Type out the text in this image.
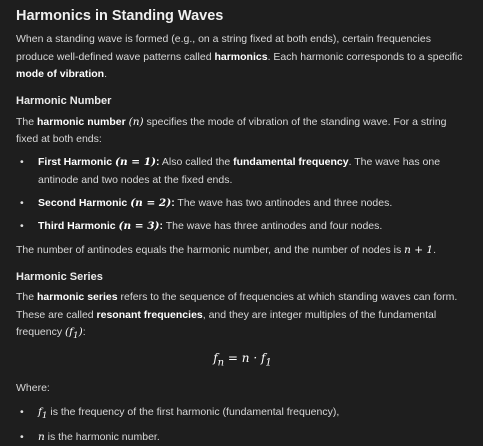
Harmonics in Standing Waves

When a standing wave is formed (e.g., on a string fixed at both ends), certain frequencies produce well-defined wave patterns called harmonics. Each harmonic corresponds to a specific mode of vibration.

Harmonic Number

The harmonic number (n) specifies the mode of vibration of the standing wave. For a string fixed at both ends:

• First Harmonic (n = 1): Also called the fundamental frequency. The wave has one antinode and two nodes at the fixed ends.
• Second Harmonic (n = 2): The wave has two antinodes and three nodes.
• Third Harmonic (n = 3): The wave has three antinodes and four nodes.

The number of antinodes equals the harmonic number, and the number of nodes is n + 1.

Harmonic Series

The harmonic series refers to the sequence of frequencies at which standing waves can form. These are called resonant frequencies, and they are integer multiples of the fundamental frequency $(f_1)$:

$f_n = n \cdot f_1$

Where:

• $f_1$ is the frequency of the first harmonic (fundamental frequency),
• n is the harmonic number.
